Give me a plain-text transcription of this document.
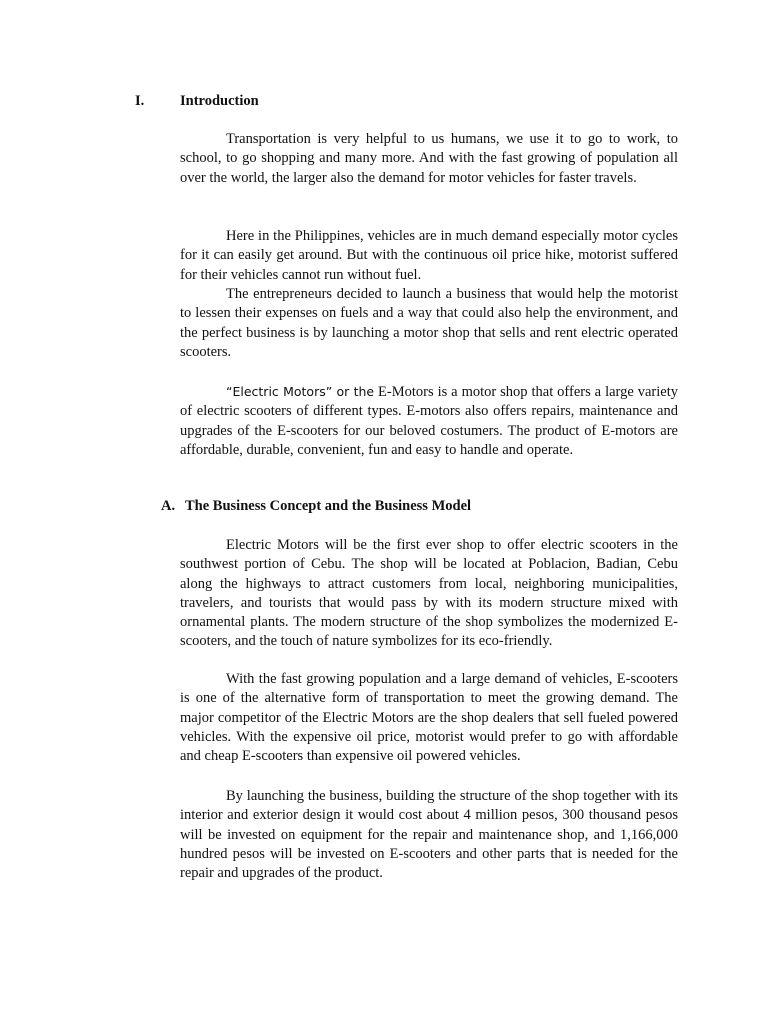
I. Introduction

Transportation is very helpful to us humans, we use it to go to work, to school, to go shopping and many more. And with the fast growing of population all over the world, the larger also the demand for motor vehicles for faster travels.

Here in the Philippines, vehicles are in much demand especially motor cycles for it can easily get around. But with the continuous oil price hike, motorist suffered for their vehicles cannot run without fuel.

The entrepreneurs decided to launch a business that would help the motorist to lessen their expenses on fuels and a way that could also help the environment, and the perfect business is by launching a motor shop that sells and rent electric operated scooters.

“Electric Motors” or the E-Motors is a motor shop that offers a large variety of electric scooters of different types. E-motors also offers repairs, maintenance and upgrades of the E-scooters for our beloved costumers. The product of E-motors are affordable, durable, convenient, fun and easy to handle and operate.

A. The Business Concept and the Business Model

Electric Motors will be the first ever shop to offer electric scooters in the southwest portion of Cebu. The shop will be located at Poblacion, Badian, Cebu along the highways to attract customers from local, neighboring municipalities, travelers, and tourists that would pass by with its modern structure mixed with ornamental plants. The modern structure of the shop symbolizes the modernized E-scooters, and the touch of nature symbolizes for its eco-friendly.

With the fast growing population and a large demand of vehicles, E-scooters is one of the alternative form of transportation to meet the growing demand. The major competitor of the Electric Motors are the shop dealers that sell fueled powered vehicles. With the expensive oil price, motorist would prefer to go with affordable and cheap E-scooters than expensive oil powered vehicles.

By launching the business, building the structure of the shop together with its interior and exterior design it would cost about 4 million pesos, 300 thousand pesos will be invested on equipment for the repair and maintenance shop, and 1,166,000 hundred pesos will be invested on E-scooters and other parts that is needed for the repair and upgrades of the product.
